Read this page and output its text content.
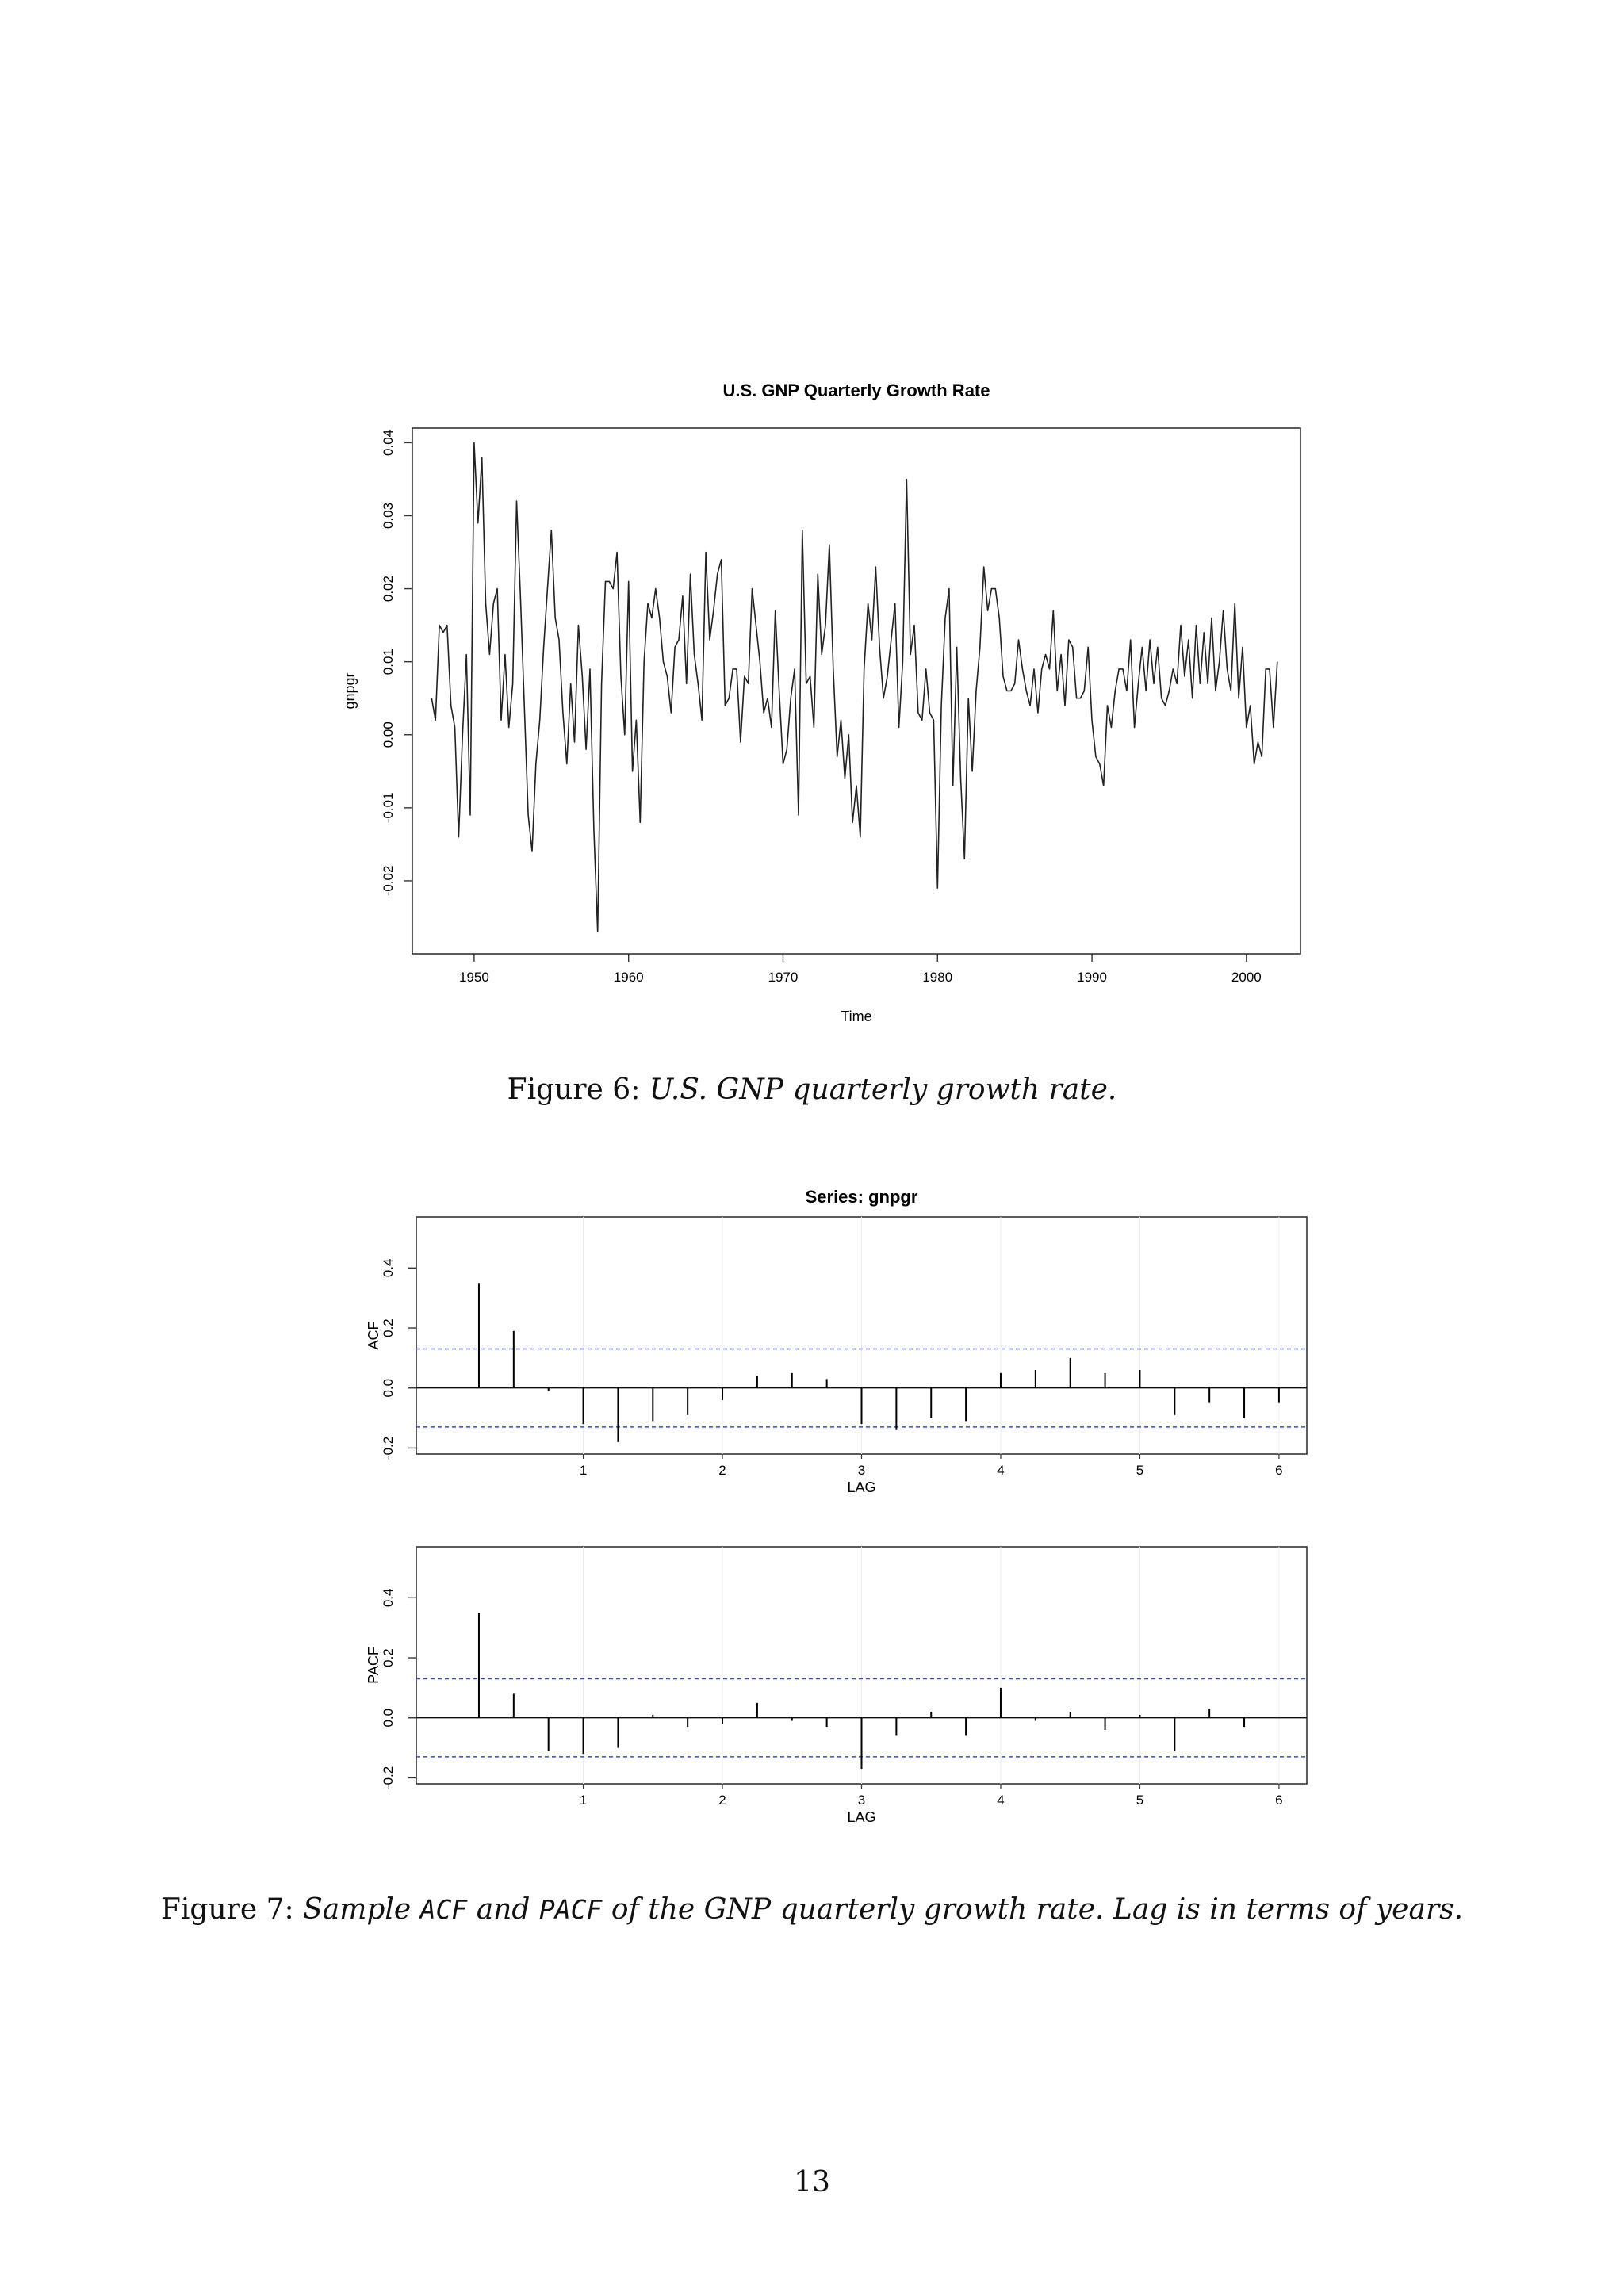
U.S. GNP Quarterly Growth Rate
-0.02
-0.01
0.00
0.01
0.02
0.03
0.04
gnpgr
1950	1960	1970	1980	1990	2000
Time
Series: gnpgr
-0.2
0.0
0.2
0.4
ACF
1	2	3	4	5	6
LAG
-0.2
0.0
0.2
0.4
PACF
1	2	3	4	5	6
LAG
Figure 6: U.S. GNP quarterly growth rate.
Figure 7: Sample ACF and PACF of the GNP quarterly growth rate. Lag is in terms of years.
13
